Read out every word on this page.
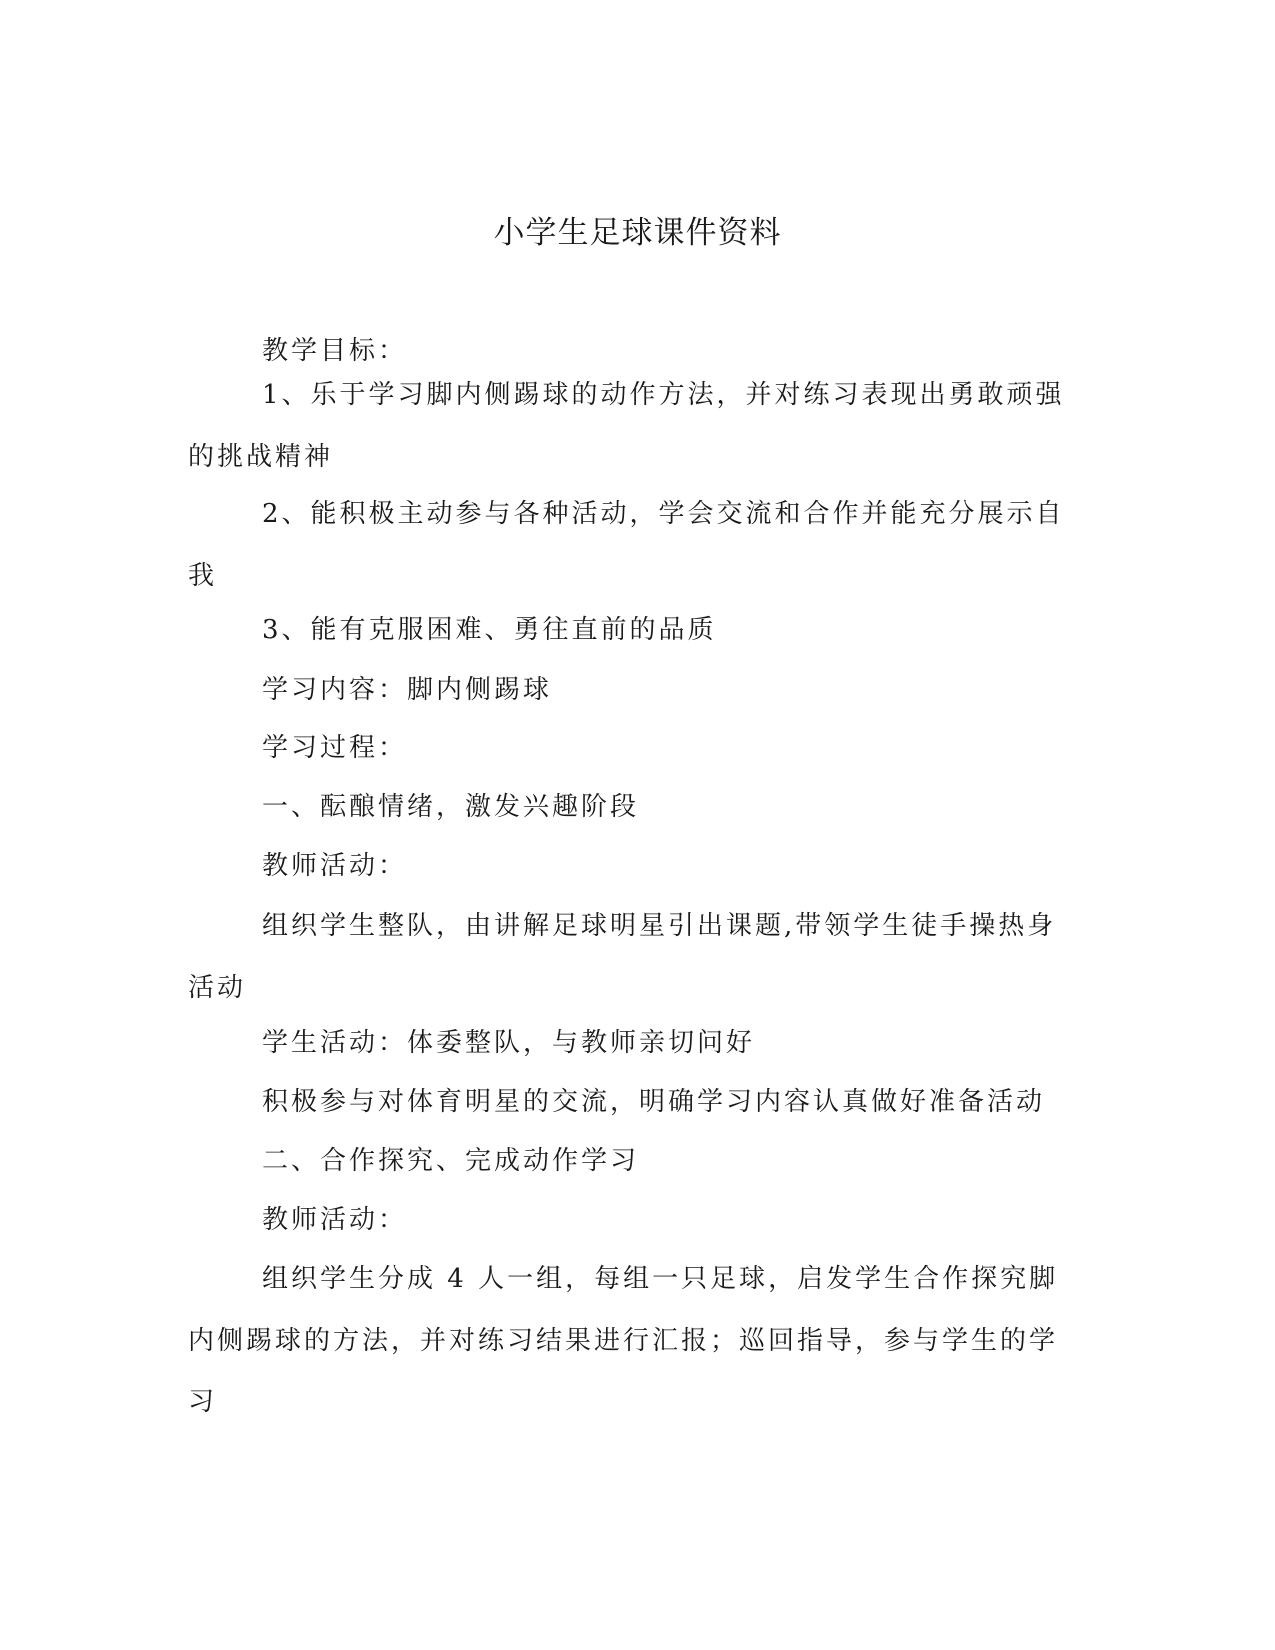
小学生足球课件资料

教学目标：

1、乐于学习脚内侧踢球的动作方法，并对练习表现出勇敢顽强的挑战精神

2、能积极主动参与各种活动，学会交流和合作并能充分展示自我

3、能有克服困难、勇往直前的品质

学习内容：脚内侧踢球

学习过程：

一、酝酿情绪，激发兴趣阶段

教师活动：

组织学生整队，由讲解足球明星引出课题,带领学生徒手操热身活动

学生活动：体委整队，与教师亲切问好

积极参与对体育明星的交流，明确学习内容认真做好准备活动

二、合作探究、完成动作学习

教师活动：

组织学生分成 4 人一组，每组一只足球，启发学生合作探究脚内侧踢球的方法，并对练习结果进行汇报；巡回指导，参与学生的学习
